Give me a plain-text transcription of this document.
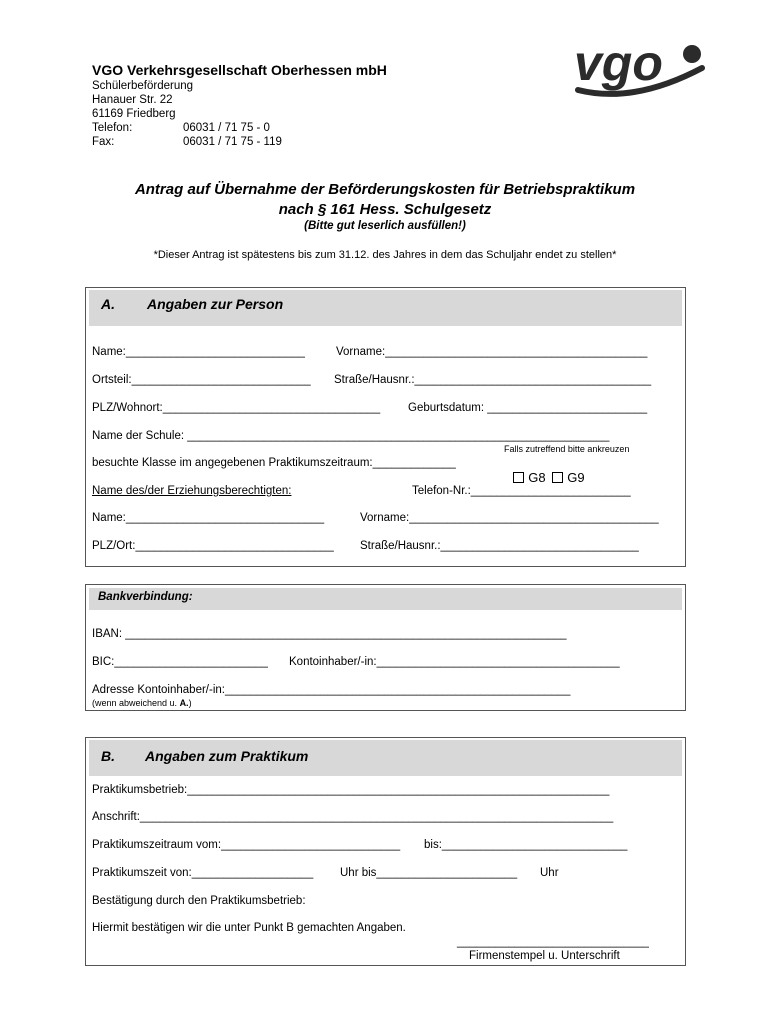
VGO Verkehrsgesellschaft Oberhessen mbH
Schülerbeförderung
Hanauer Str. 22
61169 Friedberg
Telefon:	06031 / 71 75 - 0
Fax:	06031 / 71 75 - 119
vgo
Antrag auf Übernahme der Beförderungskosten für Betriebspraktikum
nach § 161 Hess. Schulgesetz
(Bitte gut leserlich ausfüllen!)
*Dieser Antrag ist spätestens bis zum 31.12. des Jahres in dem das Schuljahr endet zu stellen*
A. Angaben zur Person
Name:____________________________	Vorname:_________________________________________
Ortsteil:____________________________ Straße/Hausnr.:_____________________________________
PLZ/Wohnort:__________________________________ Geburtsdatum: _________________________
Name der Schule: __________________________________________________________________
Falls zutreffend bitte ankreuzen
besuchte Klasse im angegebenen Praktikumszeitraum:_____________

G8	G9

Name des/der Erziehungsberechtigten:	Telefon-Nr.:_________________________
Name:_______________________________	Vorname:_______________________________________
PLZ/Ort:_______________________________ Straße/Hausnr.:_______________________________
Bankverbindung:
IBAN: _____________________________________________________________________
BIC:________________________ Kontoinhaber/-in:______________________________________
Adresse Kontoinhaber/-in:______________________________________________________
(wenn abweichend u. A.)
B. Angaben zum Praktikum
Praktikumsbetrieb:__________________________________________________________________
Anschrift:__________________________________________________________________________
Praktikumszeitraum vom:____________________________ bis:_____________________________
Praktikumszeit von:___________________ Uhr bis______________________ Uhr
Bestätigung durch den Praktikumsbetrieb:
Hiermit bestätigen wir die unter Punkt B gemachten Angaben.
______________________________
Firmenstempel u. Unterschrift
